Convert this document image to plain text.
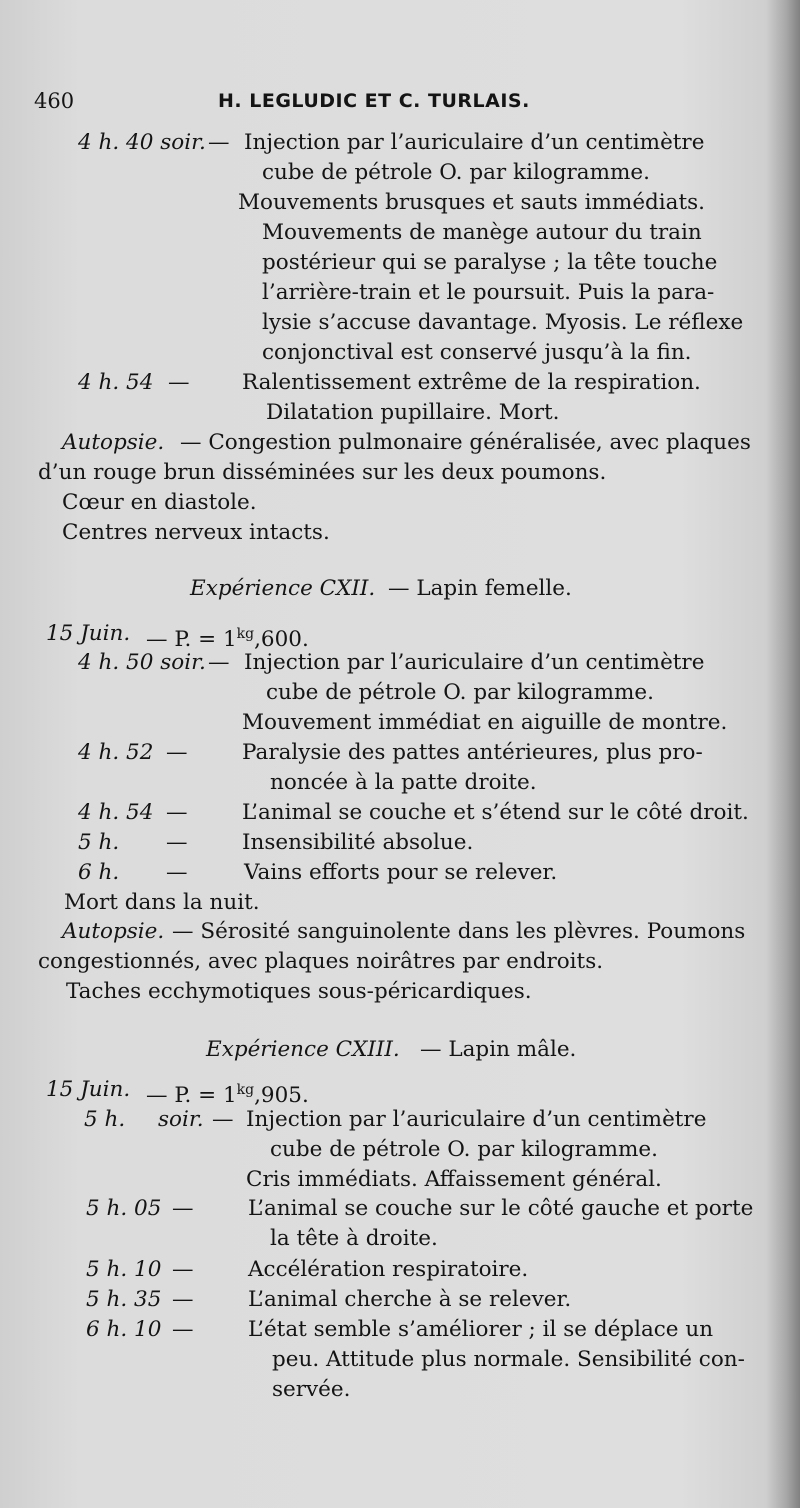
460	H. LEGLUDIC ET C. TURLAIS.
4 h. 40 soir. — Injection par l’auriculaire d’un centimètre
cube de pétrole O. par kilogramme.
Mouvements brusques et sauts immédiats.
Mouvements de manège autour du train
postérieur qui se paralyse ; la tête touche
l’arrière-train et le poursuit. Puis la para-
lysie s’accuse davantage. Myosis. Le réflexe
conjonctival est conservé jusqu’à la fin.
4 h. 54 — Ralentissement extrême de la respiration.
Dilatation pupillaire. Mort.
Autopsie. — Congestion pulmonaire généralisée, avec plaques
d’un rouge brun disséminées sur les deux poumons.
Cœur en diastole.
Centres nerveux intacts.
Expérience CXII. — Lapin femelle.
15 Juin. — P. = $1^{kg},600$.
4 h. 50 soir. — Injection par l’auriculaire d’un centimètre
cube de pétrole O. par kilogramme.
Mouvement immédiat en aiguille de montre.
4 h. 52 —	Paralysie des pattes antérieures, plus pro-
noncée à la patte droite.
4 h. 54 —	L’animal se couche et s’étend sur le côté droit.
5 h. —	Insensibilité absolue.
6 h. —	Vains efforts pour se relever.
Mort dans la nuit.
Autopsie. — Sérosité sanguinolente dans les plèvres. Poumons
congestionnés, avec plaques noirâtres par endroits.
Taches ecchymotiques sous-péricardiques.
Expérience CXIII. — Lapin mâle.
15 Juin. — P. = $1^{kg},905$.
5 h. soir. — Injection par l’auriculaire d’un centimètre
cube de pétrole O. par kilogramme.
Cris immédiats. Affaissement général.
5 h. 05 —	L’animal se couche sur le côté gauche et porte
la tête à droite.
5 h. 10 —	Accélération respiratoire.
5 h. 35 —	L’animal cherche à se relever.
6 h. 10 —	L’état semble s’améliorer ; il se déplace un
peu. Attitude plus normale. Sensibilité con-
servée.
